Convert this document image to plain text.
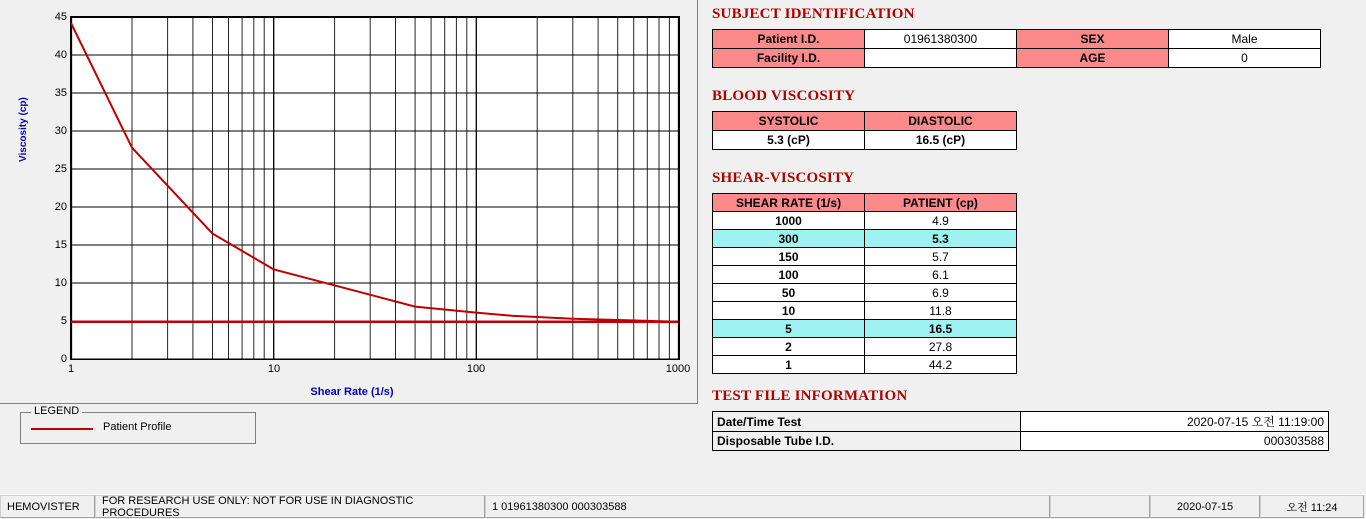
Viscosity (cp)
45
40
35
30
25
20
15
10
5
0
1	10	100	1000
Shear Rate (1/s)
LEGEND
Patient Profile
SUBJECT IDENTIFICATION
Patient I.D.	01961380300	SEX	Male
Facility I.D.		AGE	0
BLOOD VISCOSITY
SYSTOLIC	DIASTOLIC
5.3 (cP)	16.5 (cP)
SHEAR-VISCOSITY
SHEAR RATE (1/s)	PATIENT (cp)
1000	4.9
300	5.3
150	5.7
100	6.1
50	6.9
10	11.8
5	16.5
2	27.8
1	44.2
TEST FILE INFORMATION
Date/Time Test	2020-07-15 오전 11:19:00
Disposable Tube I.D.	000303588
HEMOVISTER	FOR RESEARCH USE ONLY: NOT FOR USE IN DIAGNOSTIC PROCEDURES	1 01961380300 000303588	2020-07-15	오전 11:24
